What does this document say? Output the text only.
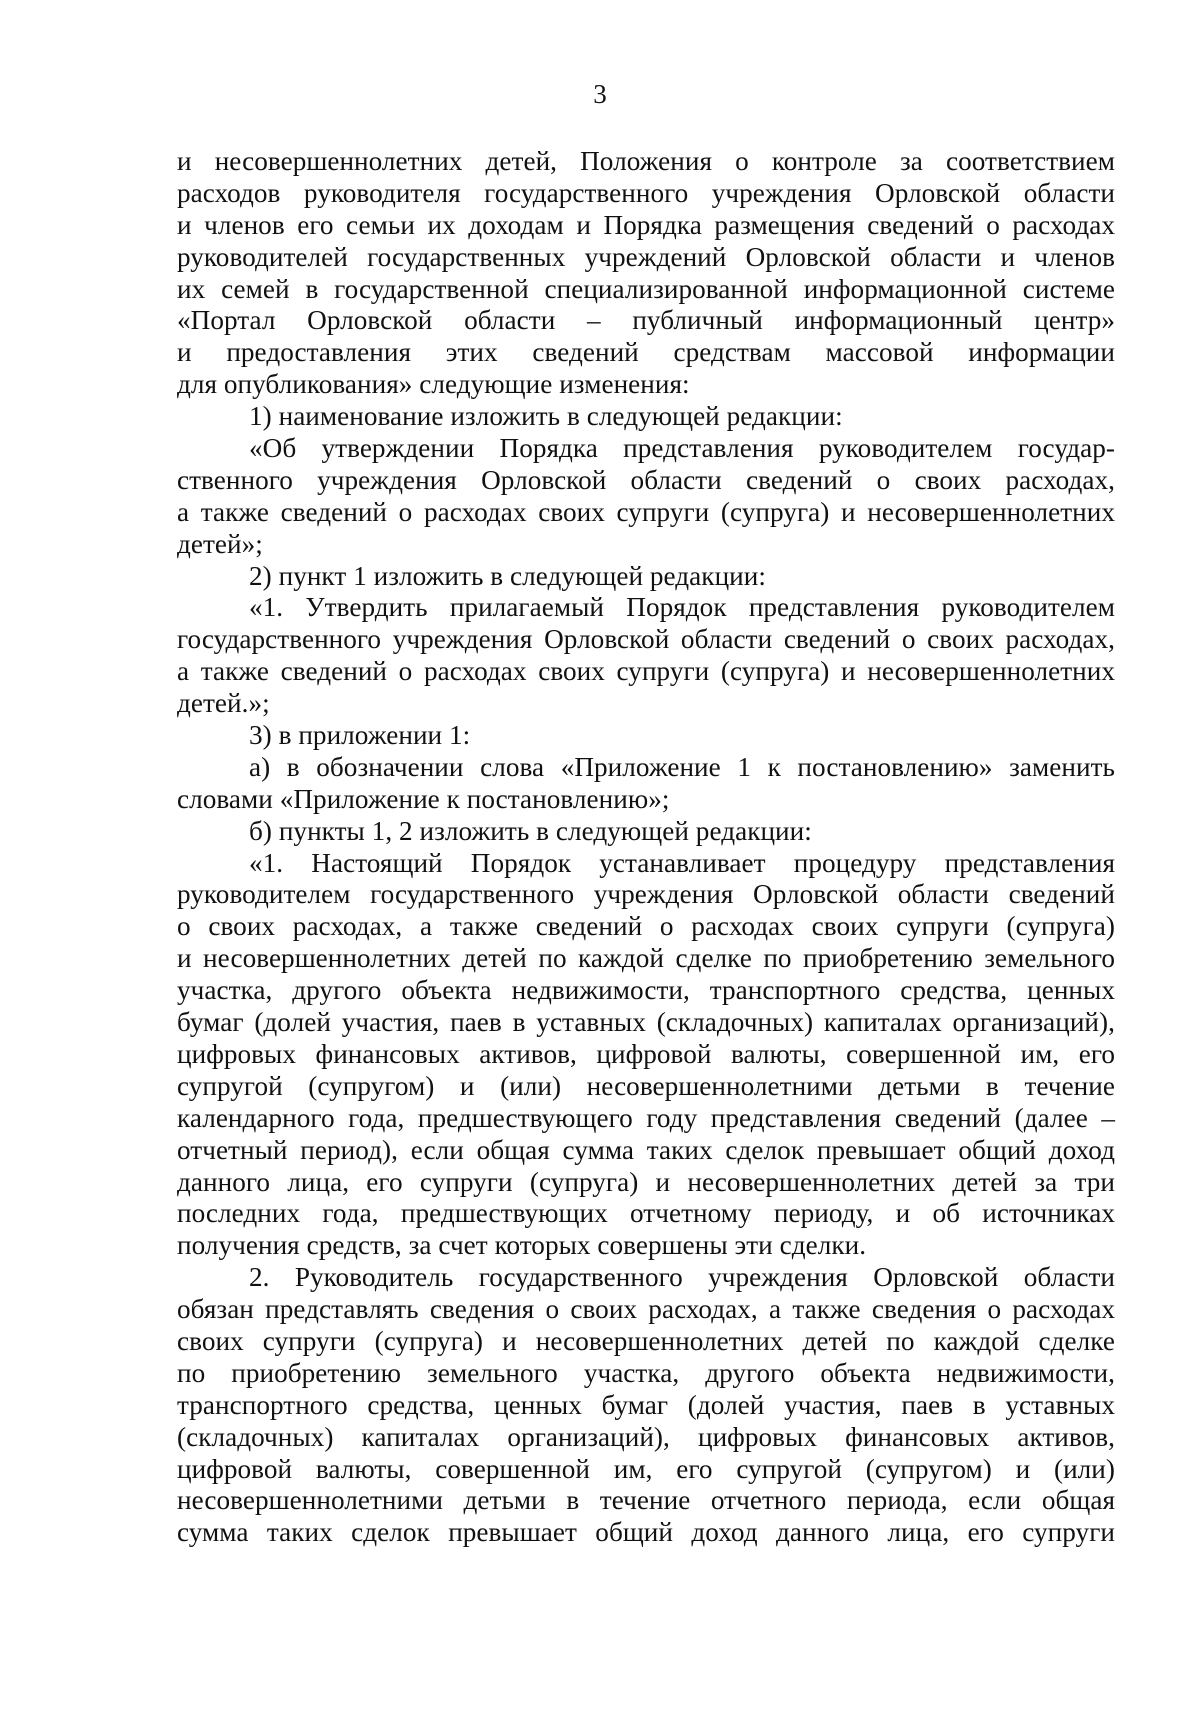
3
и несовершеннолетних детей, Положения о контроле за соответствием
расходов руководителя государственного учреждения Орловской области
и членов его семьи их доходам и Порядка размещения сведений о расходах
руководителей государственных учреждений Орловской области и членов
их семей в государственной специализированной информационной системе
«Портал Орловской области – публичный информационный центр»
и предоставления этих сведений средствам массовой информации
для опубликования» следующие изменения:
1) наименование изложить в следующей редакции:
«Об утверждении Порядка представления руководителем государ-
ственного учреждения Орловской области сведений о своих расходах,
а также сведений о расходах своих супруги (супруга) и несовершеннолетних
детей»;
2) пункт 1 изложить в следующей редакции:
«1. Утвердить прилагаемый Порядок представления руководителем
государственного учреждения Орловской области сведений о своих расходах,
а также сведений о расходах своих супруги (супруга) и несовершеннолетних
детей.»;
3) в приложении 1:
а) в обозначении слова «Приложение 1 к постановлению» заменить
словами «Приложение к постановлению»;
б) пункты 1, 2 изложить в следующей редакции:
«1. Настоящий Порядок устанавливает процедуру представления
руководителем государственного учреждения Орловской области сведений
о своих расходах, а также сведений о расходах своих супруги (супруга)
и несовершеннолетних детей по каждой сделке по приобретению земельного
участка, другого объекта недвижимости, транспортного средства, ценных
бумаг (долей участия, паев в уставных (складочных) капиталах организаций),
цифровых финансовых активов, цифровой валюты, совершенной им, его
супругой (супругом) и (или) несовершеннолетними детьми в течение
календарного года, предшествующего году представления сведений (далее –
отчетный период), если общая сумма таких сделок превышает общий доход
данного лица, его супруги (супруга) и несовершеннолетних детей за три
последних года, предшествующих отчетному периоду, и об источниках
получения средств, за счет которых совершены эти сделки.
2. Руководитель государственного учреждения Орловской области
обязан представлять сведения о своих расходах, а также сведения о расходах
своих супруги (супруга) и несовершеннолетних детей по каждой сделке
по приобретению земельного участка, другого объекта недвижимости,
транспортного средства, ценных бумаг (долей участия, паев в уставных
(складочных) капиталах организаций), цифровых финансовых активов,
цифровой валюты, совершенной им, его супругой (супругом) и (или)
несовершеннолетними детьми в течение отчетного периода, если общая
сумма таких сделок превышает общий доход данного лица, его супруги
